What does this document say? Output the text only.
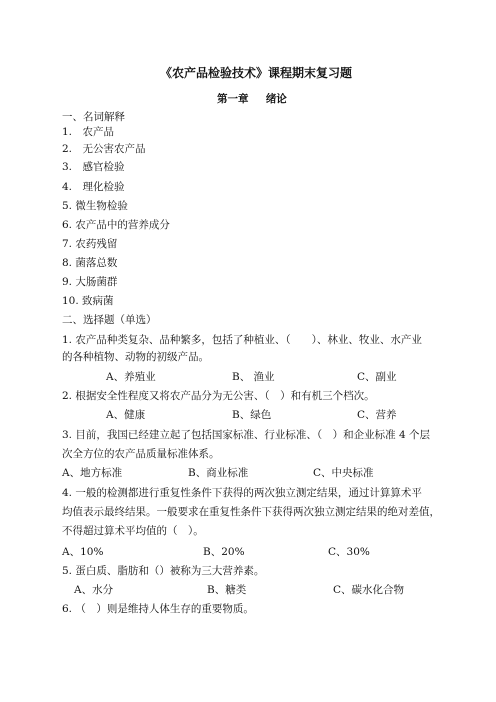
《农产品检验技术》课程期末复习题
第一章 绪论
一、名词解释
1.　农产品
2.　无公害农产品
3.　感官检验
4.　理化检验
5. 微生物检验
6. 农产品中的营养成分
7. 农药残留
8. 菌落总数
9. 大肠菌群
10. 致病菌
二、选择题（单选）
1. 农产品种类复杂、品种繁多，包括了种植业、（　　）、林业、牧业、水产业
的各种植物、动物的初级产品。
A、养殖业	B、 渔业	C、副业
2. 根据安全性程度又将农产品分为无公害、（　）和有机三个档次。
A、健康	B、绿色	C、营养
3. 目前，我国已经建立起了包括国家标准、行业标准、（　）和企业标准 4 个层
次全方位的农产品质量标准体系。
A、地方标准	B、商业标准	C、中央标准
4. 一般的检测都进行重复性条件下获得的两次独立测定结果，通过计算算术平
均值表示最终结果。一般要求在重复性条件下获得两次独立测定结果的绝对差值，
不得超过算术平均值的（　）。
A、10%	B、20%	C、30%
5. 蛋白质、脂肪和（）被称为三大营养素。
A、水分	B、糖类	C、碳水化合物
6. （　）则是维持人体生存的重要物质。
